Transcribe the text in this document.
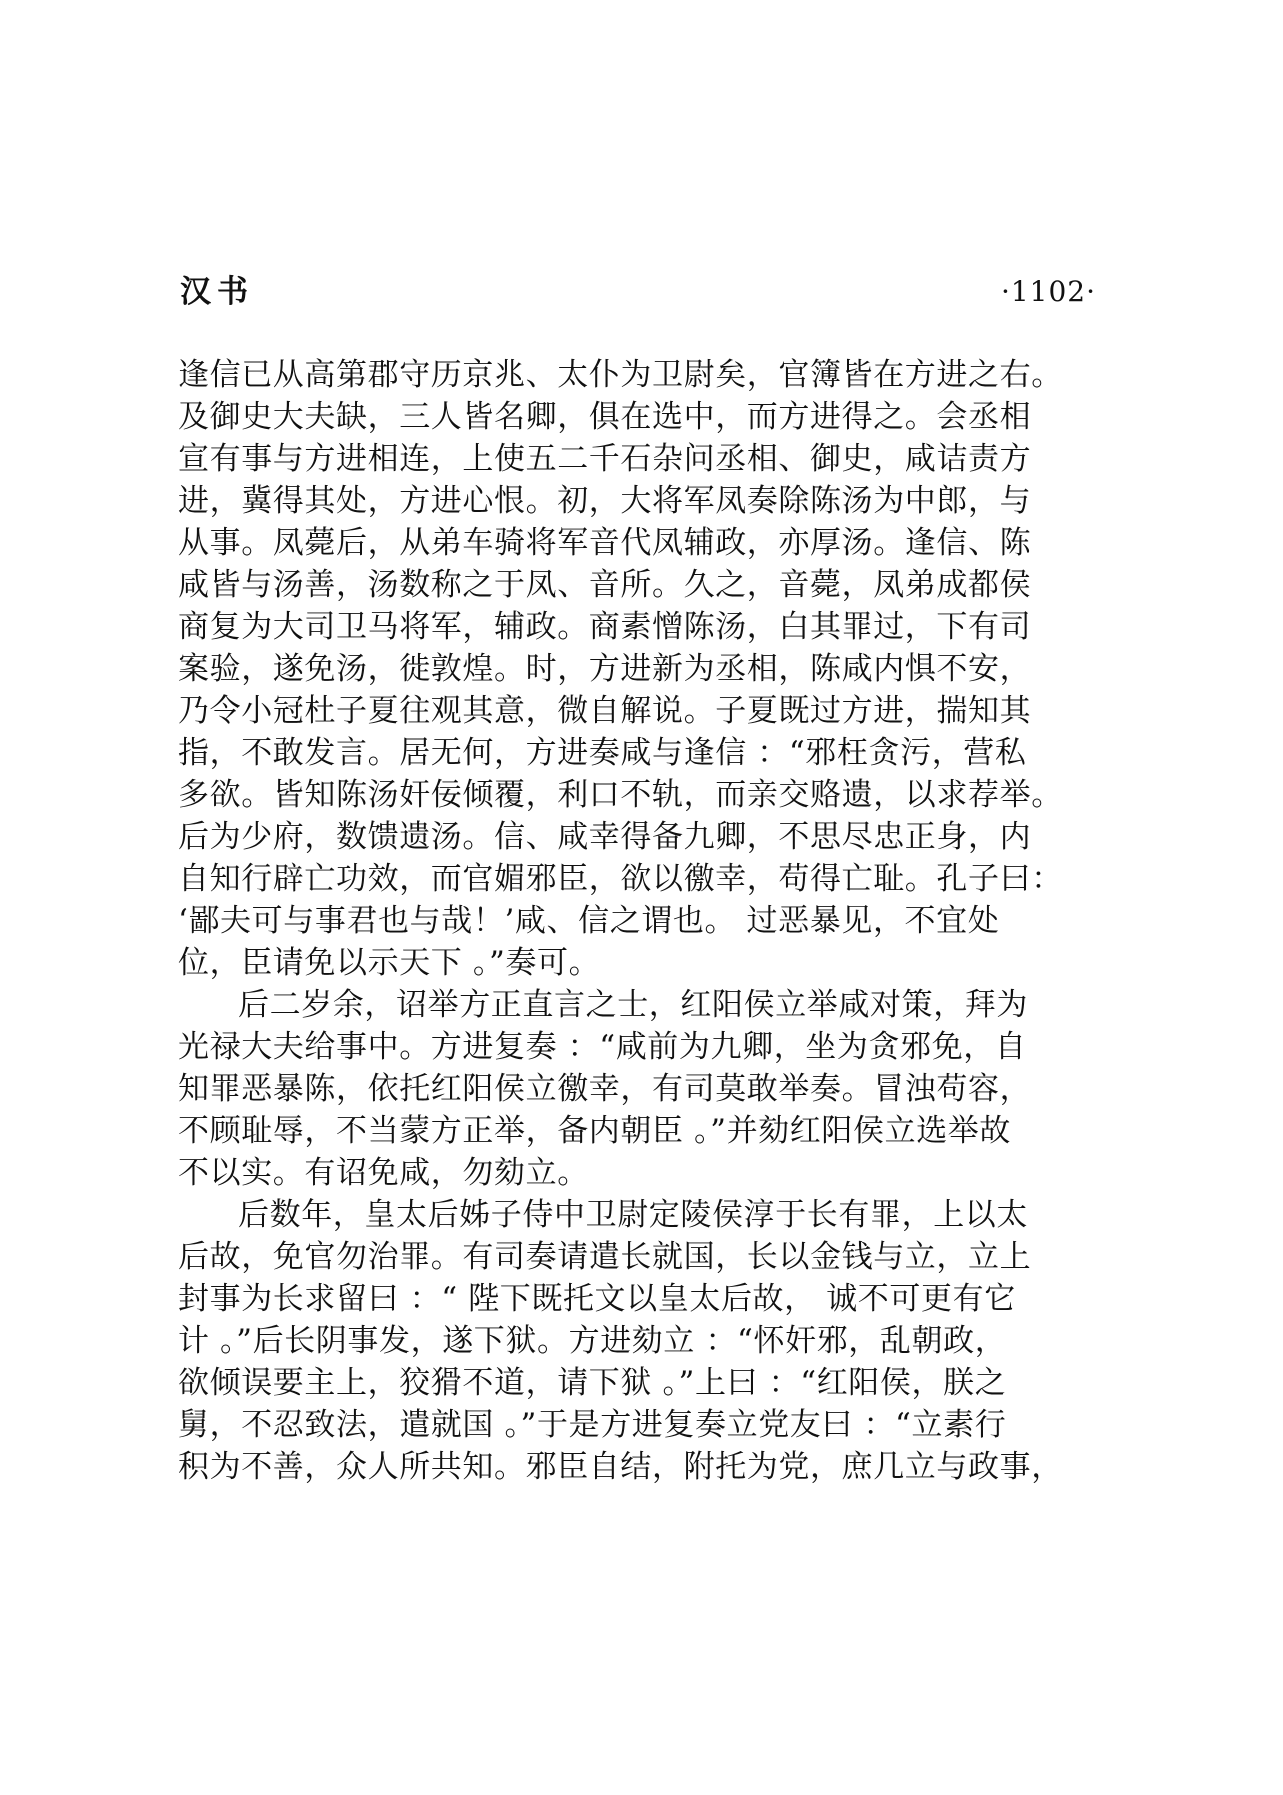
汉书	·1102·

逢信已从高第郡守历京兆、太仆为卫尉矣，官簿皆在方进之右。
及御史大夫缺，三人皆名卿，俱在选中，而方进得之。会丞相
宣有事与方进相连，上使五二千石杂问丞相、御史，咸诘责方
进，冀得其处，方进心恨。初，大将军凤奏除陈汤为中郎，与
从事。凤薨后，从弟车骑将军音代凤辅政，亦厚汤。逢信、陈
咸皆与汤善，汤数称之于凤、音所。久之，音薨，凤弟成都侯
商复为大司卫马将军，辅政。商素憎陈汤，白其罪过，下有司
案验，遂免汤，徙敦煌。时，方进新为丞相，陈咸内惧不安，
乃令小冠杜子夏往观其意，微自解说。子夏既过方进，揣知其
指，不敢发言。居无何，方进奏咸与逢信 ：“邪枉贪污，营私
多欲。皆知陈汤奸佞倾覆，利口不轨，而亲交赂遗，以求荐举。
后为少府，数馈遗汤。信、咸幸得备九卿，不思尽忠正身，内
自知行辟亡功效，而官媚邪臣，欲以徼幸，苟得亡耻。孔子曰：
‘鄙夫可与事君也与哉！’咸、信之谓也。 过恶暴见，不宜处
位，臣请免以示天下 。”奏可。

后二岁余，诏举方正直言之士，红阳侯立举咸对策，拜为
光禄大夫给事中。方进复奏 ：“咸前为九卿，坐为贪邪免，自
知罪恶暴陈，依托红阳侯立徼幸，有司莫敢举奏。冒浊苟容，
不顾耻辱，不当蒙方正举，备内朝臣 。”并劾红阳侯立选举故
不以实。有诏免咸，勿劾立。

后数年，皇太后姊子侍中卫尉定陵侯淳于长有罪，上以太
后故，免官勿治罪。有司奏请遣长就国，长以金钱与立，立上
封事为长求留曰 ：“ 陛下既托文以皇太后故， 诚不可更有它
计 。”后长阴事发，遂下狱。方进劾立 ：“怀奸邪，乱朝政，
欲倾误要主上，狡猾不道，请下狱 。”上曰 ：“红阳侯，朕之
舅，不忍致法，遣就国 。”于是方进复奏立党友曰 ：“立素行
积为不善，众人所共知。邪臣自结，附托为党，庶几立与政事，
